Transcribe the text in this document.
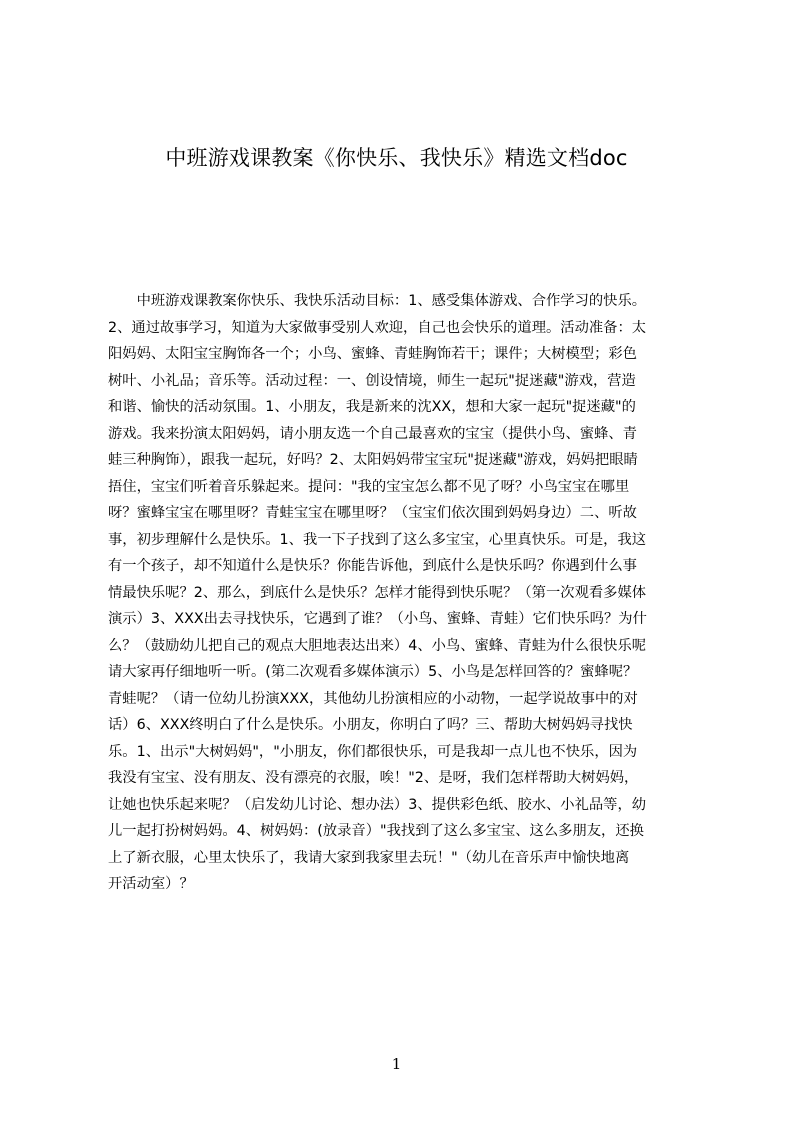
中班游戏课教案《你快乐、我快乐》精选文档doc
　　中班游戏课教案你快乐、我快乐活动目标：1、感受集体游戏、合作学习的快乐。
2、通过故事学习，知道为大家做事受别人欢迎，自己也会快乐的道理。活动准备：太
阳妈妈、太阳宝宝胸饰各一个；小鸟、蜜蜂、青蛙胸饰若干；课件；大树模型；彩色
树叶、小礼品；音乐等。活动过程：一、创设情境，师生一起玩"捉迷藏"游戏，营造
和谐、愉快的活动氛围。1、小朋友，我是新来的沈XX，想和大家一起玩"捉迷藏"的
游戏。我来扮演太阳妈妈，请小朋友选一个自己最喜欢的宝宝（提供小鸟、蜜蜂、青
蛙三种胸饰），跟我一起玩，好吗？2、太阳妈妈带宝宝玩"捉迷藏"游戏，妈妈把眼睛
捂住，宝宝们听着音乐躲起来。提问："我的宝宝怎么都不见了呀？小鸟宝宝在哪里
呀？蜜蜂宝宝在哪里呀？青蛙宝宝在哪里呀？（宝宝们依次围到妈妈身边）二、听故
事，初步理解什么是快乐。1、我一下子找到了这么多宝宝，心里真快乐。可是，我这
有一个孩子，却不知道什么是快乐？你能告诉他，到底什么是快乐吗？你遇到什么事
情最快乐呢？2、那么，到底什么是快乐？怎样才能得到快乐呢？（第一次观看多媒体
演示）3、XXX出去寻找快乐，它遇到了谁？（小鸟、蜜蜂、青蛙）它们快乐吗？为什
么？（鼓励幼儿把自己的观点大胆地表达出来）4、小鸟、蜜蜂、青蛙为什么很快乐呢
请大家再仔细地听一听。(第二次观看多媒体演示）5、小鸟是怎样回答的？蜜蜂呢？
青蛙呢？（请一位幼儿扮演XXX，其他幼儿扮演相应的小动物，一起学说故事中的对
话）6、XXX终明白了什么是快乐。小朋友，你明白了吗？三、帮助大树妈妈寻找快
乐。1、出示"大树妈妈"，"小朋友，你们都很快乐，可是我却一点儿也不快乐，因为
我没有宝宝、没有朋友、没有漂亮的衣服，唉！"2、是呀，我们怎样帮助大树妈妈，
让她也快乐起来呢？（启发幼儿讨论、想办法）3、提供彩色纸、胶水、小礼品等，幼
儿一起打扮树妈妈。4、树妈妈：(放录音）"我找到了这么多宝宝、这么多朋友，还换
上了新衣服，心里太快乐了，我请大家到我家里去玩！"（幼儿在音乐声中愉快地离
开活动室）？
1
